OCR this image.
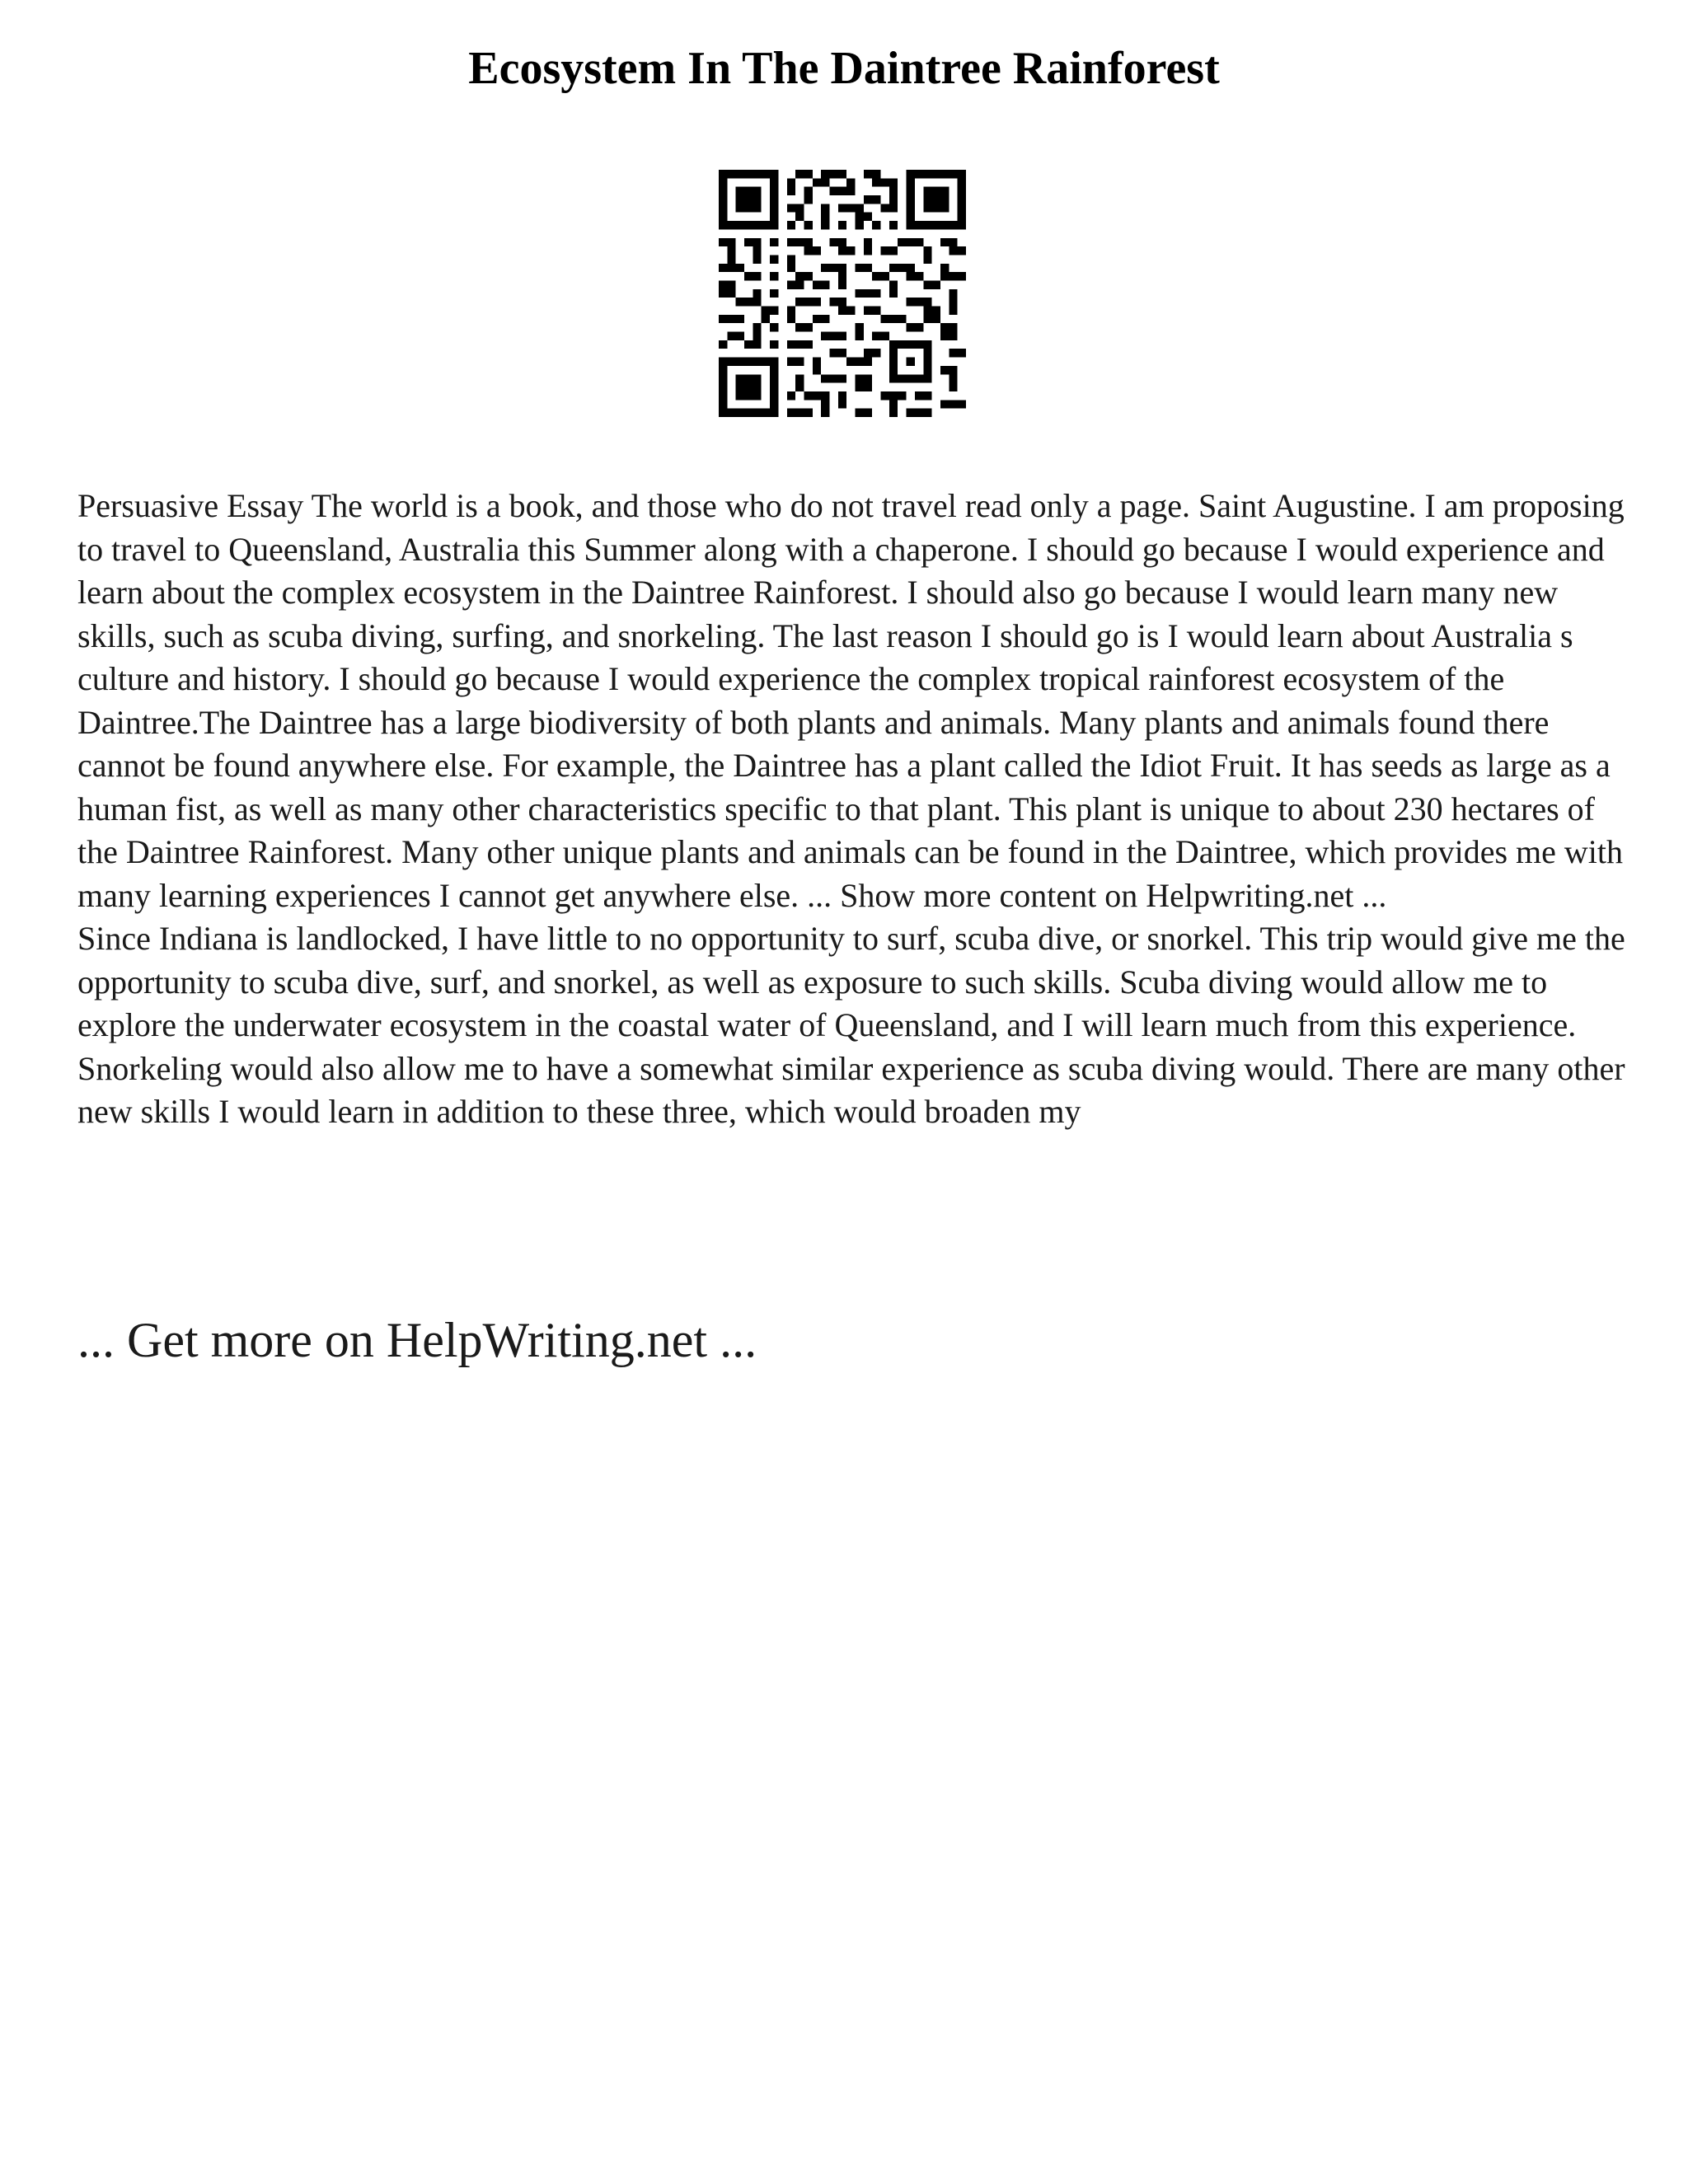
Ecosystem In The Daintree Rainforest

Persuasive Essay The world is a book, and those who do not travel read only a page. Saint Augustine. I am proposing to travel to Queensland, Australia this Summer along with a chaperone. I should go because I would experience and learn about the complex ecosystem in the Daintree Rainforest. I should also go because I would learn many new skills, such as scuba diving, surfing, and snorkeling. The last reason I should go is I would learn about Australia s culture and history. I should go because I would experience the complex tropical rainforest ecosystem of the Daintree.The Daintree has a large biodiversity of both plants and animals. Many plants and animals found there cannot be found anywhere else. For example, the Daintree has a plant called the Idiot Fruit. It has seeds as large as a human fist, as well as many other characteristics specific to that plant. This plant is unique to about 230 hectares of the Daintree Rainforest. Many other unique plants and animals can be found in the Daintree, which provides me with many learning experiences I cannot get anywhere else. ... Show more content on Helpwriting.net ...

Since Indiana is landlocked, I have little to no opportunity to surf, scuba dive, or snorkel. This trip would give me the opportunity to scuba dive, surf, and snorkel, as well as exposure to such skills. Scuba diving would allow me to explore the underwater ecosystem in the coastal water of Queensland, and I will learn much from this experience. Snorkeling would also allow me to have a somewhat similar experience as scuba diving would. There are many other new skills I would learn in addition to these three, which would broaden my

... Get more on HelpWriting.net ...
